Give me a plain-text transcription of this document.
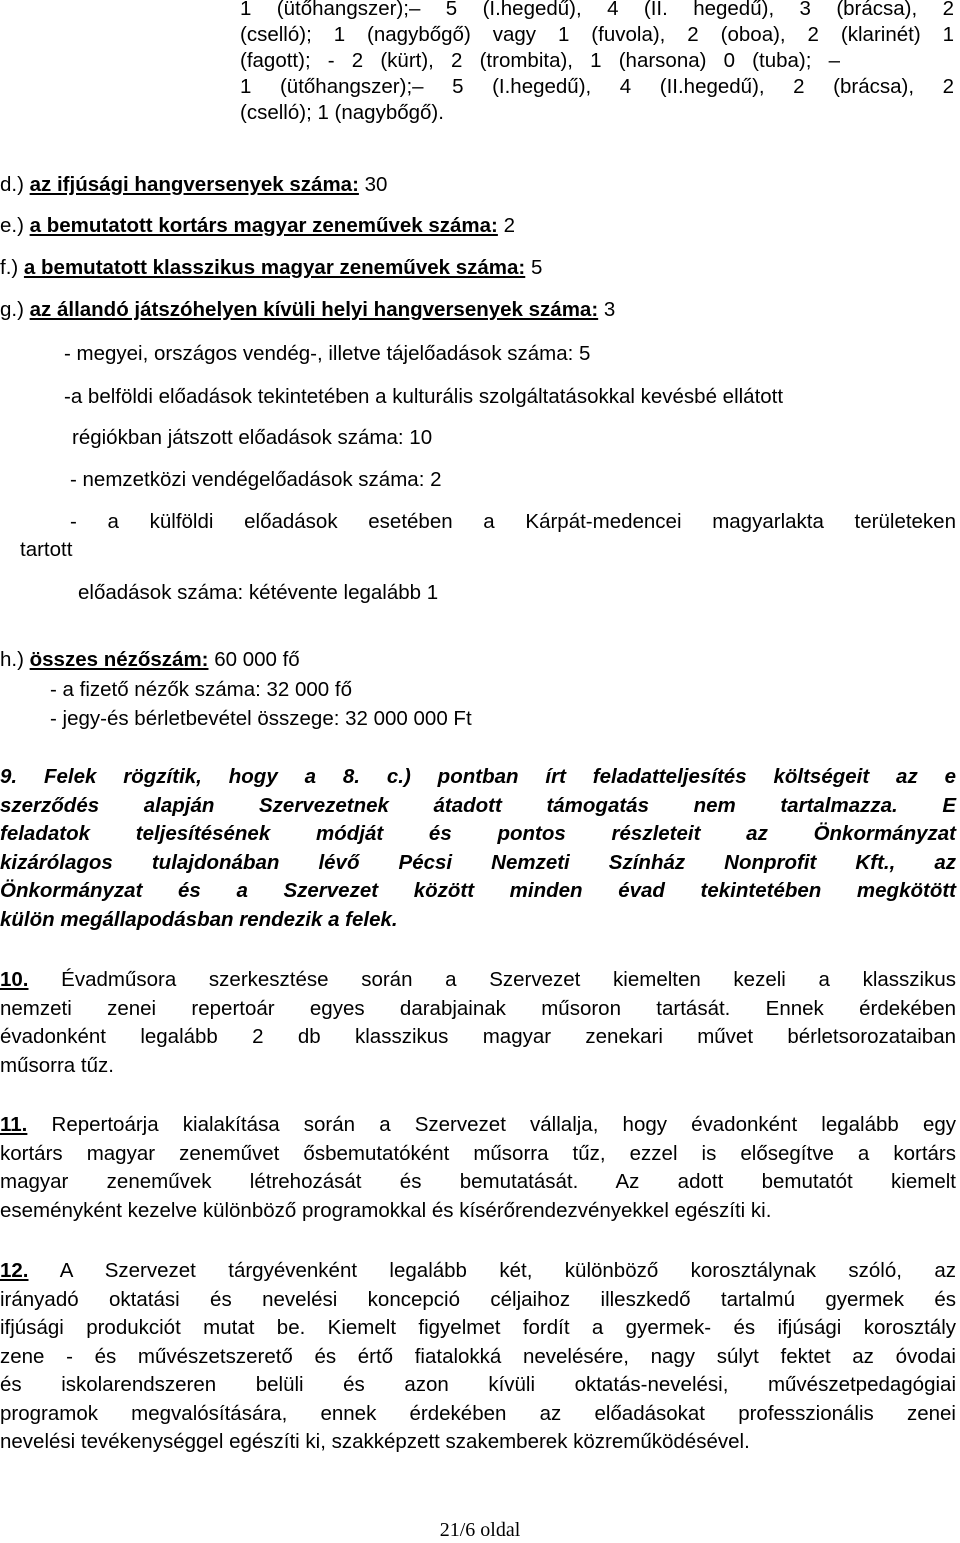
1 (ütőhangszer);– 5 (I.hegedű), 4 (II. hegedű), 3 (brácsa), 2
(cselló); 1 (nagybőgő) vagy 1 (fuvola), 2 (oboa), 2 (klarinét) 1
(fagott); - 2 (kürt), 2 (trombita), 1 (harsona) 0 (tuba); –
1 (ütőhangszer);– 5 (I.hegedű), 4 (II.hegedű), 2 (brácsa), 2
(cselló); 1 (nagybőgő).
d.) az ifjúsági hangversenyek száma: 30
e.) a bemutatott kortárs magyar zeneművek száma: 2
f.) a bemutatott klasszikus magyar zeneművek száma: 5
g.) az állandó játszóhelyen kívüli helyi hangversenyek száma: 3
- megyei, országos vendég-, illetve tájelőadások száma: 5
-a belföldi előadások tekintetében a kulturális szolgáltatásokkal kevésbé ellátott
régiókban játszott előadások száma: 10
- nemzetközi vendégelőadások száma: 2
- a külföldi előadások esetében a Kárpát-medencei magyarlakta területeken
tartott
előadások száma: kétévente legalább 1
h.) összes nézőszám: 60 000 fő
- a fizető nézők száma: 32 000 fő
- jegy-és bérletbevétel összege: 32 000 000 Ft
9. Felek rögzítik, hogy a 8. c.) pontban írt feladatteljesítés költségeit az e
szerződés alapján Szervezetnek átadott támogatás nem tartalmazza. E
feladatok teljesítésének módját és pontos részleteit az Önkormányzat
kizárólagos tulajdonában lévő Pécsi Nemzeti Színház Nonprofit Kft., az
Önkormányzat és a Szervezet között minden évad tekintetében megkötött
külön megállapodásban rendezik a felek.
10. Évadműsora szerkesztése során a Szervezet kiemelten kezeli a klasszikus
nemzeti zenei repertoár egyes darabjainak műsoron tartását. Ennek érdekében
évadonként legalább 2 db klasszikus magyar zenekari művet bérletsorozataiban
műsorra tűz.
11. Repertoárja kialakítása során a Szervezet vállalja, hogy évadonként legalább egy
kortárs magyar zeneművet ősbemutatóként műsorra tűz, ezzel is elősegítve a kortárs
magyar zeneművek létrehozását és bemutatását. Az adott bemutatót kiemelt
eseményként kezelve különböző programokkal és kísérőrendezvényekkel egészíti ki.
12. A Szervezet tárgyévenként legalább két, különböző korosztálynak szóló, az
irányadó oktatási és nevelési koncepció céljaihoz illeszkedő tartalmú gyermek és
ifjúsági produkciót mutat be. Kiemelt figyelmet fordít a gyermek- és ifjúsági korosztály
zene - és művészetszerető és értő fiatalokká nevelésére, nagy súlyt fektet az óvodai
és iskolarendszeren belüli és azon kívüli oktatás-nevelési, művészetpedagógiai
programok megvalósítására, ennek érdekében az előadásokat professzionális zenei
nevelési tevékenységgel egészíti ki, szakképzett szakemberek közreműködésével.
21/6 oldal
